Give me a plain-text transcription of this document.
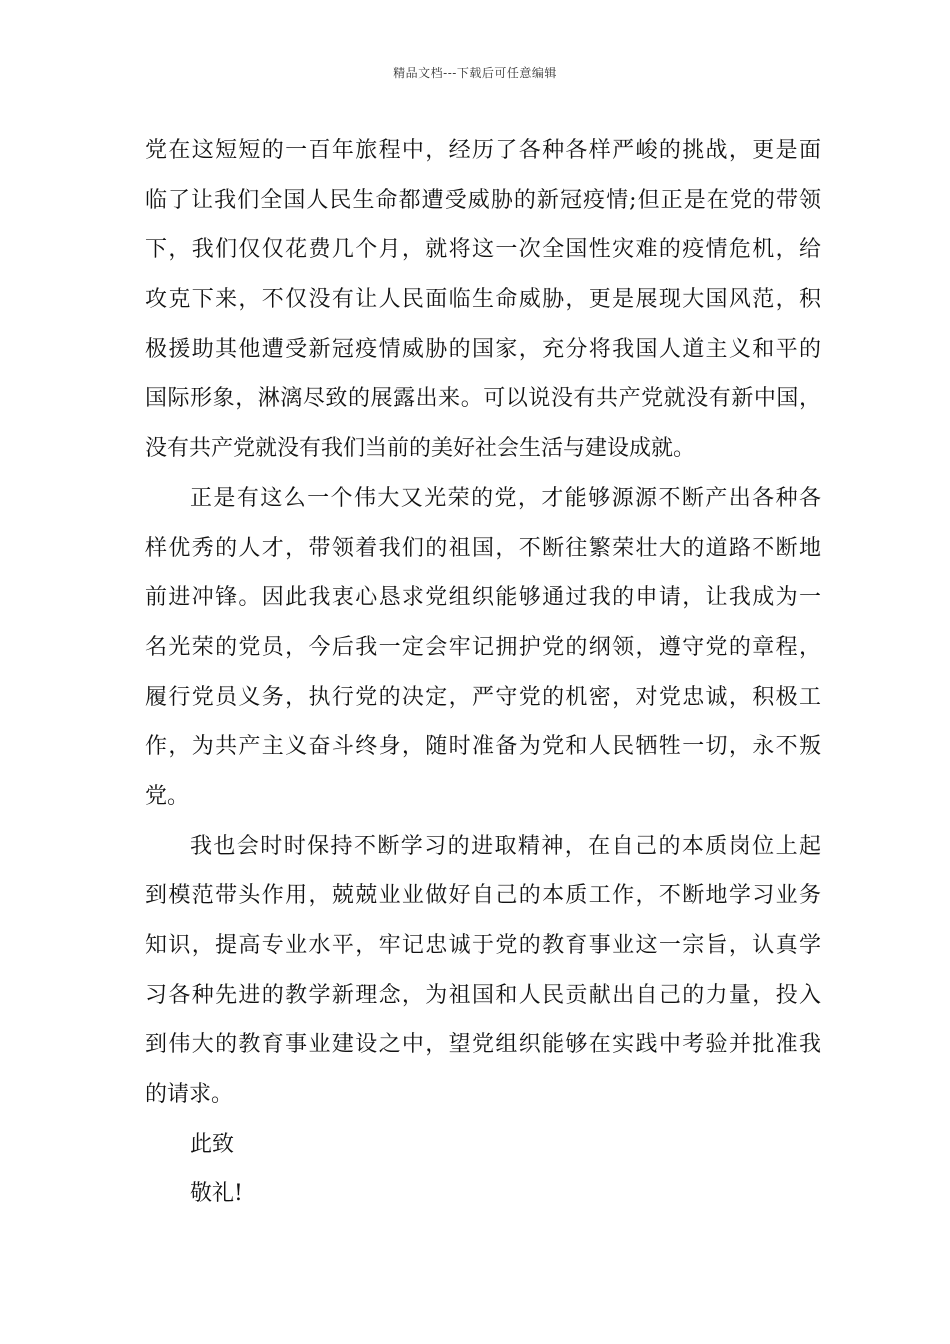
精品文档---下载后可任意编辑
党在这短短的一百年旅程中，经历了各种各样严峻的挑战，更是面
临了让我们全国人民生命都遭受威胁的新冠疫情;但正是在党的带领
下，我们仅仅花费几个月，就将这一次全国性灾难的疫情危机，给
攻克下来，不仅没有让人民面临生命威胁，更是展现大国风范，积
极援助其他遭受新冠疫情威胁的国家，充分将我国人道主义和平的
国际形象，淋漓尽致的展露出来。可以说没有共产党就没有新中国，
没有共产党就没有我们当前的美好社会生活与建设成就。
正是有这么一个伟大又光荣的党，才能够源源不断产出各种各
样优秀的人才，带领着我们的祖国，不断往繁荣壮大的道路不断地
前进冲锋。因此我衷心恳求党组织能够通过我的申请，让我成为一
名光荣的党员，今后我一定会牢记拥护党的纲领，遵守党的章程，
履行党员义务，执行党的决定，严守党的机密，对党忠诚，积极工
作，为共产主义奋斗终身，随时准备为党和人民牺牲一切，永不叛
党。
我也会时时保持不断学习的进取精神，在自己的本质岗位上起
到模范带头作用，兢兢业业做好自己的本质工作，不断地学习业务
知识，提高专业水平，牢记忠诚于党的教育事业这一宗旨，认真学
习各种先进的教学新理念，为祖国和人民贡献出自己的力量，投入
到伟大的教育事业建设之中，望党组织能够在实践中考验并批准我
的请求。
此致
敬礼!
